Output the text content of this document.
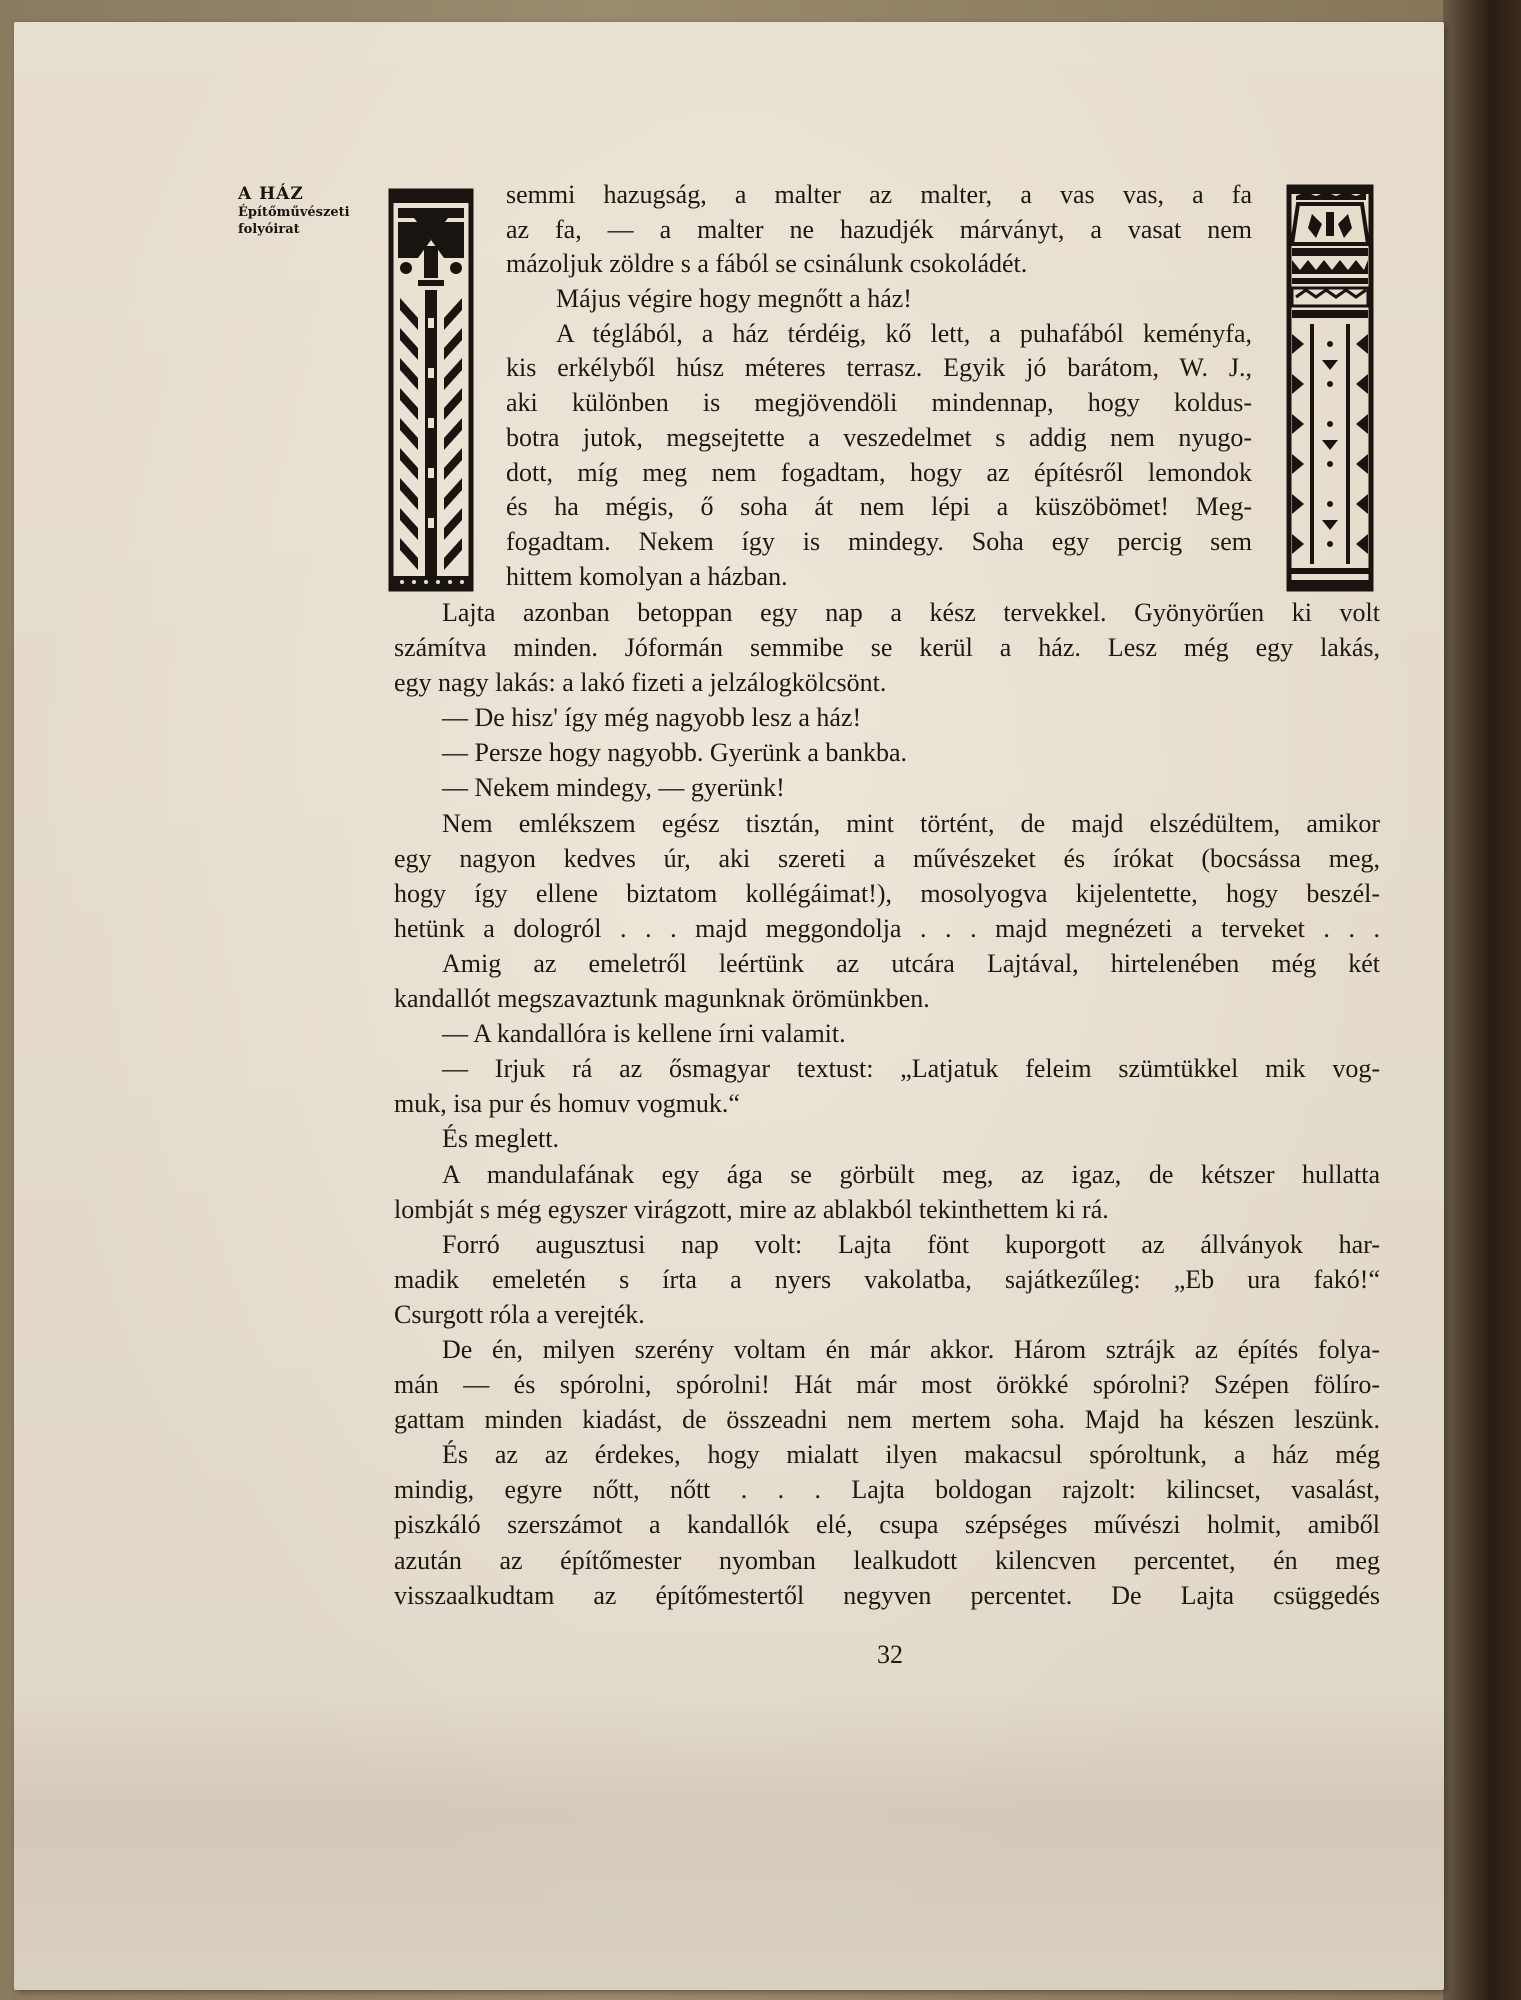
A HÁZ
Építőművészeti
folyóirat

semmi hazugság, a malter az malter, a vas vas, a fa

az fa, — a malter ne hazudjék márványt, a vasat nem

mázoljuk zöldre s a fából se csinálunk csokoládét.

Május végire hogy megnőtt a ház!

A téglából, a ház térdéig, kő lett, a puhafából keményfa,

kis erkélyből húsz méteres terrasz. Egyik jó barátom, W. J.,

aki különben is megjövendöli mindennap, hogy koldus-

botra jutok, megsejtette a veszedelmet s addig nem nyugo-

dott, míg meg nem fogadtam, hogy az építésről lemondok

és ha mégis, ő soha át nem lépi a küszöbömet! Meg-

fogadtam. Nekem így is mindegy. Soha egy percig sem

hittem komolyan a házban.

Lajta azonban betoppan egy nap a kész tervekkel. Gyönyörűen ki volt

számítva minden. Jóformán semmibe se kerül a ház. Lesz még egy lakás,

egy nagy lakás: a lakó fizeti a jelzálogkölcsönt.

— De hisz' így még nagyobb lesz a ház!

— Persze hogy nagyobb. Gyerünk a bankba.

— Nekem mindegy, — gyerünk!

Nem emlékszem egész tisztán, mint történt, de majd elszédültem, amikor

egy nagyon kedves úr, aki szereti a művészeket és írókat (bocsássa meg,

hogy így ellene biztatom kollégáimat!), mosolyogva kijelentette, hogy beszél-

hetünk a dologról . . . majd meggondolja . . . majd megnézeti a terveket . . .

Amig az emeletről leértünk az utcára Lajtával, hirtelenében még két

kandallót megszavaztunk magunknak örömünkben.

— A kandallóra is kellene írni valamit.

— Irjuk rá az ősmagyar textust: „Latjatuk feleim szümtükkel mik vog-

muk, isa pur és homuv vogmuk.“

És meglett.

A mandulafának egy ága se görbült meg, az igaz, de kétszer hullatta

lombját s még egyszer virágzott, mire az ablakból tekinthettem ki rá.

Forró augusztusi nap volt: Lajta fönt kuporgott az állványok har-

madik emeletén s írta a nyers vakolatba, sajátkezűleg: „Eb ura fakó!“

Csurgott róla a verejték.

De én, milyen szerény voltam én már akkor. Három sztrájk az építés folya-

mán — és spórolni, spórolni! Hát már most örökké spórolni? Szépen fölíro-

gattam minden kiadást, de összeadni nem mertem soha. Majd ha készen leszünk.

És az az érdekes, hogy mialatt ilyen makacsul spóroltunk, a ház még

mindig, egyre nőtt, nőtt . . . Lajta boldogan rajzolt: kilincset, vasalást,

piszkáló szerszámot a kandallók elé, csupa szépséges művészi holmit, amiből

azután az építőmester nyomban lealkudott kilencven percentet, én meg

visszaalkudtam az építőmestertől negyven percentet. De Lajta csüggedés

32
